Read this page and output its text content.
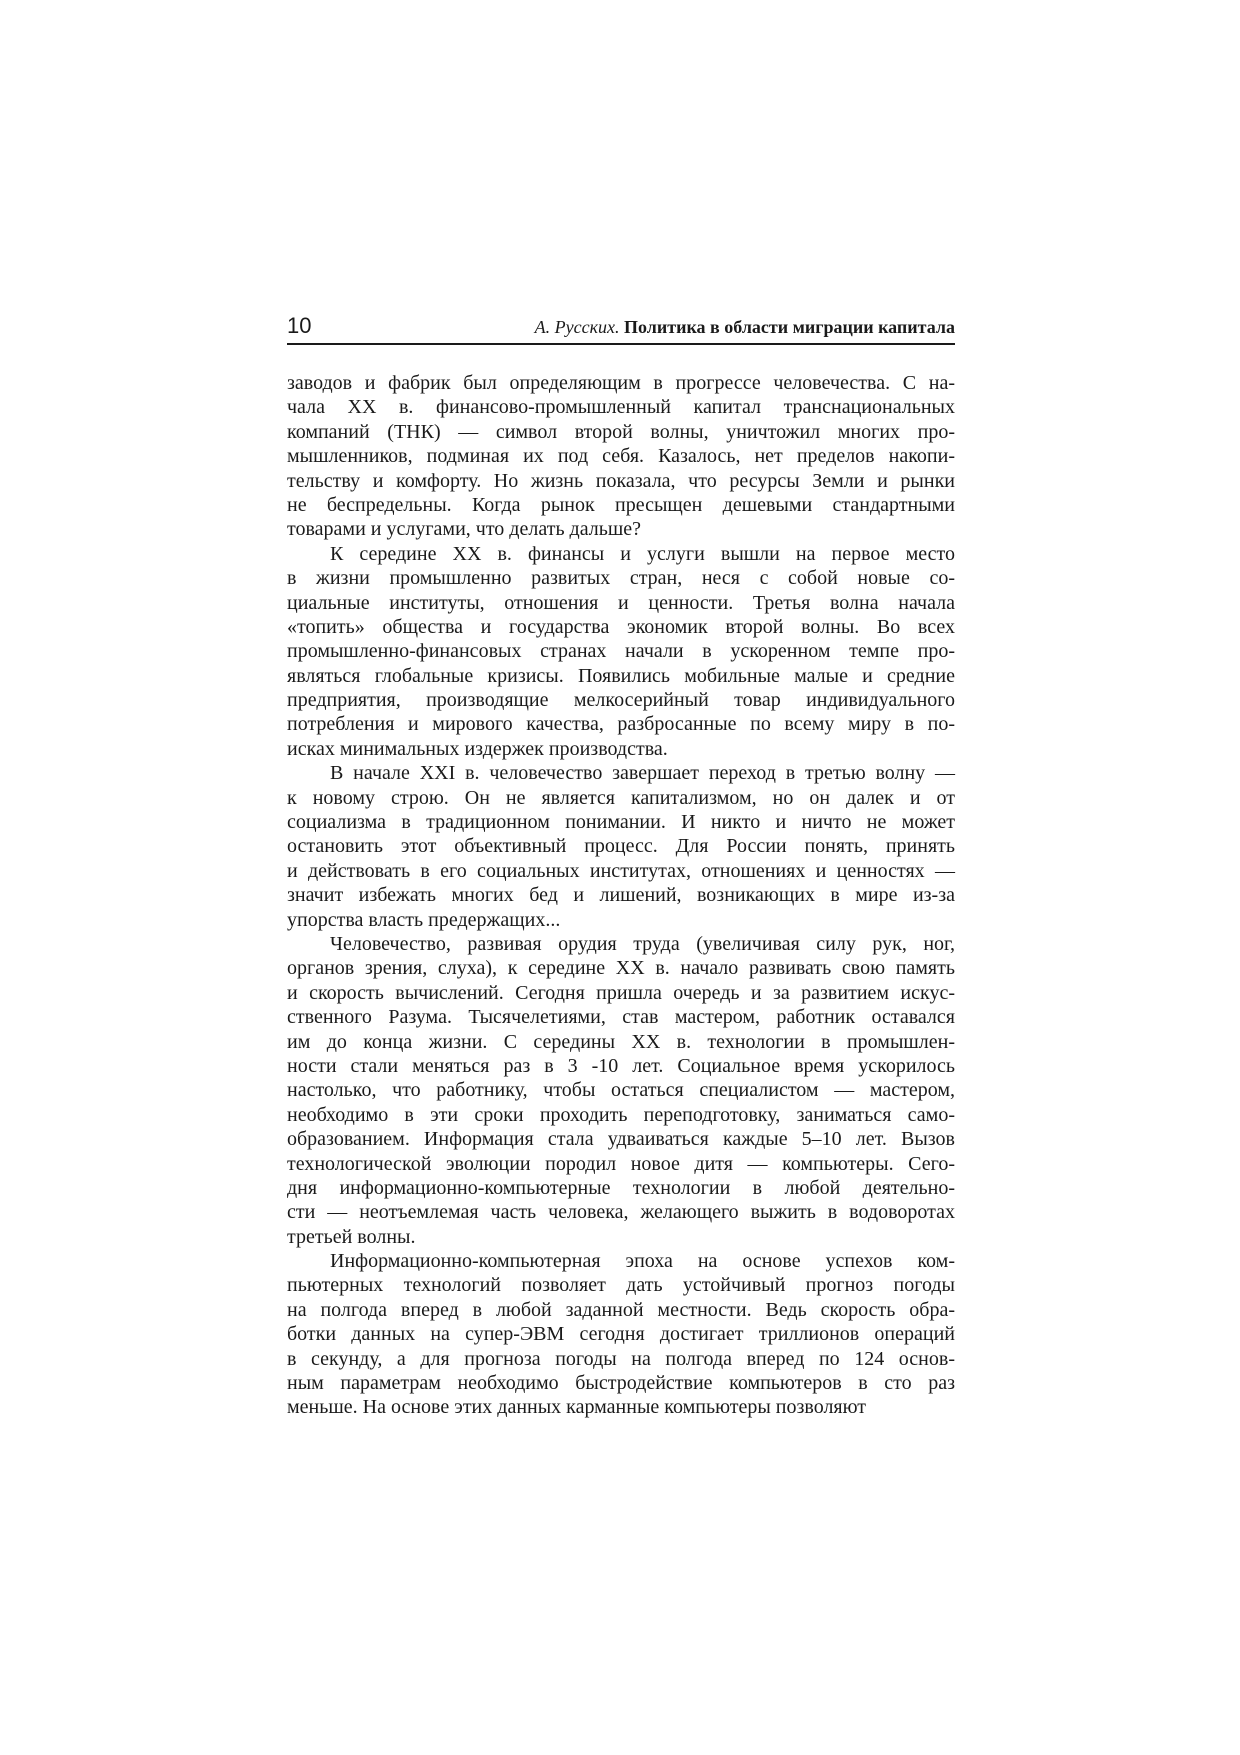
10	А. Русских. Политика в области миграции капитала
заводов и фабрик был определяющим в прогрессе человечества. С на-
чала ХХ в. финансово-промышленный капитал транснациональных
компаний (ТНК) — символ второй волны, уничтожил многих про-
мышленников, подминая их под себя. Казалось, нет пределов накопи-
тельству и комфорту. Но жизнь показала, что ресурсы Земли и рынки
не беспредельны. Когда рынок пресыщен дешевыми стандартными
товарами и услугами, что делать дальше?
К середине ХХ в. финансы и услуги вышли на первое место
в жизни промышленно развитых стран, неся с собой новые со-
циальные институты, отношения и ценности. Третья волна начала
«топить» общества и государства экономик второй волны. Во всех
промышленно-финансовых странах начали в ускоренном темпе про-
являться глобальные кризисы. Появились мобильные малые и средние
предприятия, производящие мелкосерийный товар индивидуального
потребления и мирового качества, разбросанные по всему миру в по-
исках минимальных издержек производства.
В начале ХХI в. человечество завершает переход в третью волну —
к новому строю. Он не является капитализмом, но он далек и от
социализма в традиционном понимании. И никто и ничто не может
остановить этот объективный процесс. Для России понять, принять
и действовать в его социальных институтах, отношениях и ценностях —
значит избежать многих бед и лишений, возникающих в мире из-за
упорства власть предержащих...
Человечество, развивая орудия труда (увеличивая силу рук, ног,
органов зрения, слуха), к середине ХХ в. начало развивать свою память
и скорость вычислений. Сегодня пришла очередь и за развитием искус-
ственного Разума. Тысячелетиями, став мастером, работник оставался
им до конца жизни. С середины ХХ в. технологии в промышлен-
ности стали меняться раз в 3 -10 лет. Социальное время ускорилось
настолько, что работнику, чтобы остаться специалистом — мастером,
необходимо в эти сроки проходить переподготовку, заниматься само-
образованием. Информация стала удваиваться каждые 5–10 лет. Вызов
технологической эволюции породил новое дитя — компьютеры. Сего-
дня информационно-компьютерные технологии в любой деятельно-
сти — неотъемлемая часть человека, желающего выжить в водоворотах
третьей волны.
Информационно-компьютерная эпоха на основе успехов ком-
пьютерных технологий позволяет дать устойчивый прогноз погоды
на полгода вперед в любой заданной местности. Ведь скорость обра-
ботки данных на супер-ЭВМ сегодня достигает триллионов операций
в секунду, а для прогноза погоды на полгода вперед по 124 основ-
ным параметрам необходимо быстродействие компьютеров в сто раз
меньше. На основе этих данных карманные компьютеры позволяют
